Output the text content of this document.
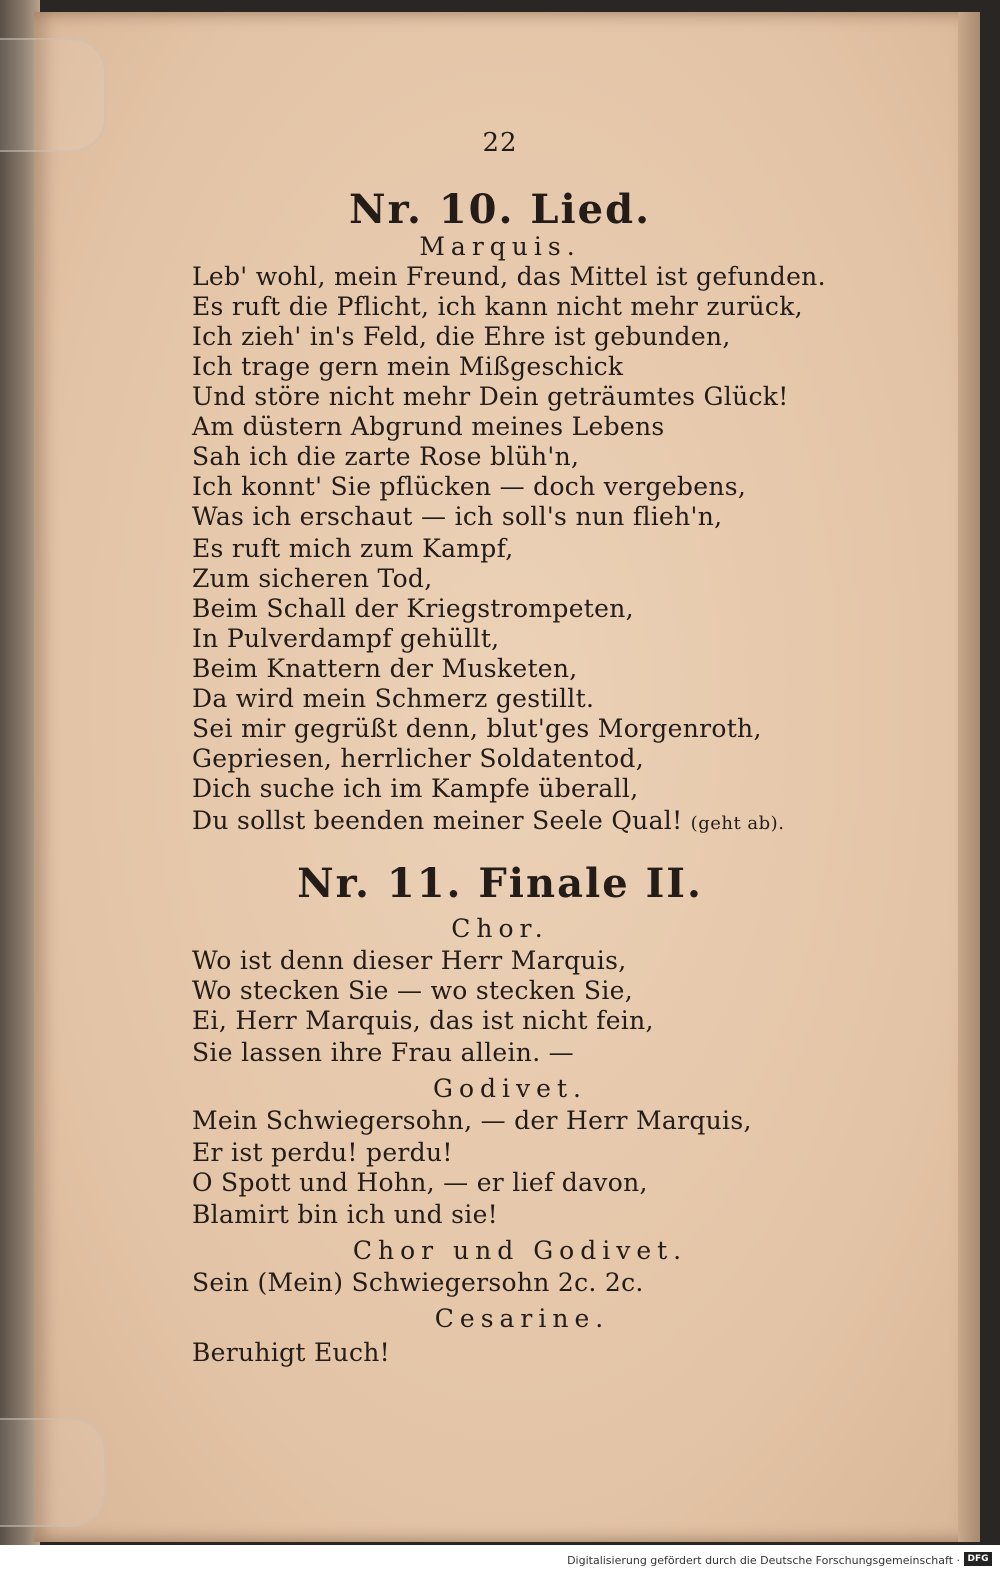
22
Nr. 10. Lied.
Marquis.
Leb' wohl, mein Freund, das Mittel ist gefunden.
Es ruft die Pflicht, ich kann nicht mehr zurück,
Ich zieh' in's Feld, die Ehre ist gebunden,
Ich trage gern mein Mißgeschick
Und störe nicht mehr Dein geträumtes Glück!
Am düstern Abgrund meines Lebens
Sah ich die zarte Rose blüh'n,
Ich konnt' Sie pflücken — doch vergebens,
Was ich erschaut — ich soll's nun flieh'n,
Es ruft mich zum Kampf,
Zum sicheren Tod,
Beim Schall der Kriegstrompeten,
In Pulverdampf gehüllt,
Beim Knattern der Musketen,
Da wird mein Schmerz gestillt.
Sei mir gegrüßt denn, blut'ges Morgenroth,
Gepriesen, herrlicher Soldatentod,
Dich suche ich im Kampfe überall,
Du sollst beenden meiner Seele Qual! (geht ab).
Nr. 11. Finale II.
Chor.
Wo ist denn dieser Herr Marquis,
Wo stecken Sie — wo stecken Sie,
Ei, Herr Marquis, das ist nicht fein,
Sie lassen ihre Frau allein. —
Godivet.
Mein Schwiegersohn, — der Herr Marquis,
Er ist perdu! perdu!
O Spott und Hohn, — er lief davon,
Blamirt bin ich und sie!
Chor und Godivet.
Sein (Mein) Schwiegersohn 2c. 2c.
Cesarine.
Beruhigt Euch!
Digitalisierung gefördert durch die Deutsche Forschungsgemeinschaft · DFG
